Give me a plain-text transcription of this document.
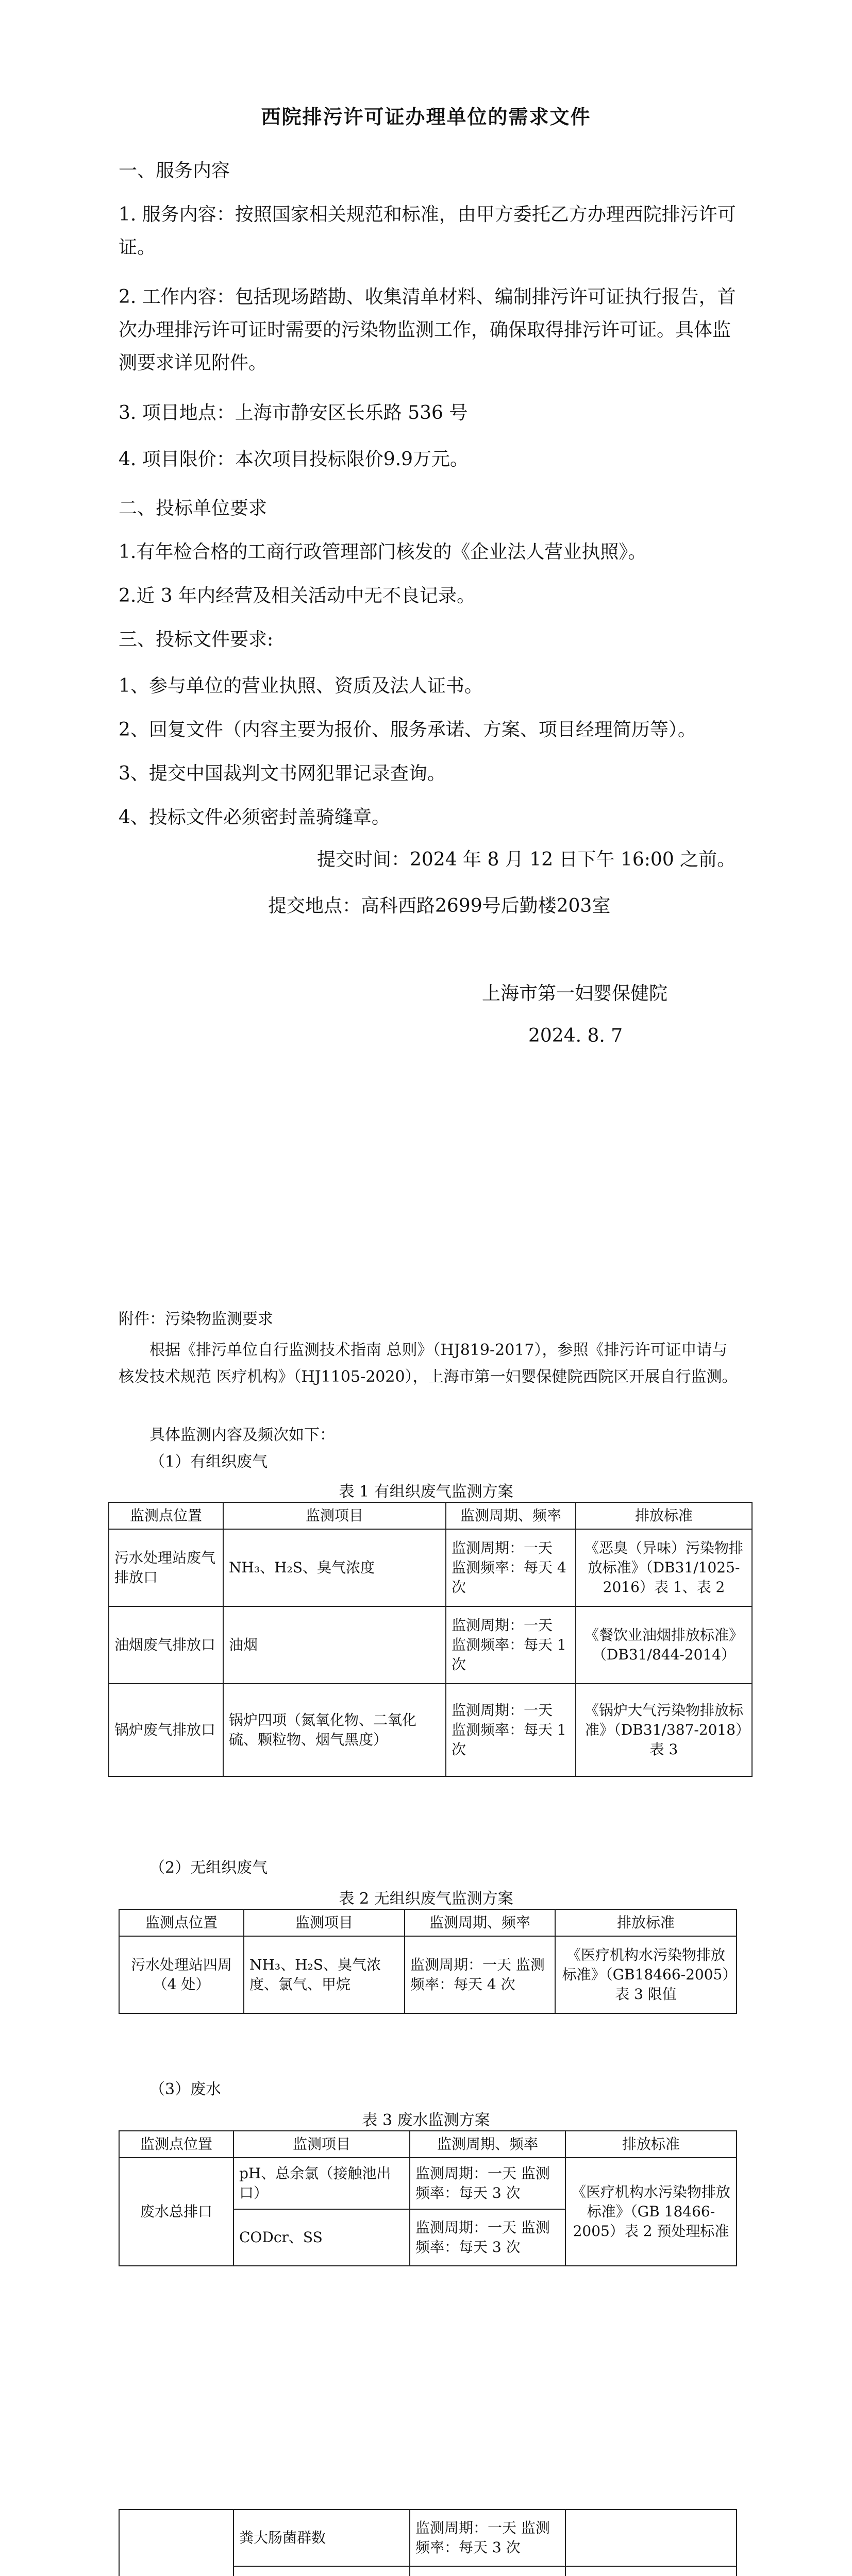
西院排污许可证办理单位的需求文件
一、服务内容
1. 服务内容：按照国家相关规范和标准，由甲方委托乙方办理西院排污许可证。
2. 工作内容：包括现场踏勘、收集清单材料、编制排污许可证执行报告，首次办理排污许可证时需要的污染物监测工作，确保取得排污许可证。具体监测要求详见附件。
3. 项目地点：上海市静安区长乐路 536 号
4. 项目限价：本次项目投标限价9.9万元。
二、投标单位要求
1.有年检合格的工商行政管理部门核发的《企业法人营业执照》。
2.近 3 年内经营及相关活动中无不良记录。
三、投标文件要求:
1、参与单位的营业执照、资质及法人证书。
2、回复文件（内容主要为报价、服务承诺、方案、项目经理简历等）。
3、提交中国裁判文书网犯罪记录查询。
4、投标文件必须密封盖骑缝章。
提交时间：2024 年 8 月 12 日下午 16:00 之前。
提交地点：高科西路2699号后勤楼203室
上海市第一妇婴保健院
2024. 8. 7
附件：污染物监测要求
根据《排污单位自行监测技术指南 总则》（HJ819-2017），参照《排污许可证申请与核发技术规范 医疗机构》（HJ1105-2020），上海市第一妇婴保健院西院区开展自行监测。
具体监测内容及频次如下：
（1）有组织废气
表 1 有组织废气监测方案
监测点位置	监测项目	监测周期、频率	排放标准
污水处理站废气排放口	NH₃、H₂S、臭气浓度	监测周期：一天 监测频率：每天 4 次	《恶臭（异味）污染物排放标准》（DB31/1025-2016）表 1、表 2
油烟废气排放口	油烟	监测周期：一天 监测频率：每天 1 次	《餐饮业油烟排放标准》（DB31/844-2014）
锅炉废气排放口	锅炉四项（氮氧化物、二氧化硫、颗粒物、烟气黑度）	监测周期：一天 监测频率：每天 1 次	《锅炉大气污染物排放标准》（DB31/387-2018）表 3
（2）无组织废气
表 2 无组织废气监测方案
监测点位置	监测项目	监测周期、频率	排放标准
污水处理站四周（4 处）	NH₃、H₂S、臭气浓度、氯气、甲烷	监测周期：一天 监测频率：每天 4 次	《医疗机构水污染物排放标准》（GB18466-2005）表 3 限值
（3）废水
表 3 废水监测方案
监测点位置	监测项目	监测周期、频率	排放标准
废水总排口	pH、总余氯（接触池出口）	监测周期：一天 监测频率：每天 3 次	《医疗机构水污染物排放标准》（GB 18466-2005）表 2 预处理标准
	CODcr、SS	监测周期：一天 监测频率：每天 3 次	
	粪大肠菌群数	监测周期：一天 监测频率：每天 3 次	
